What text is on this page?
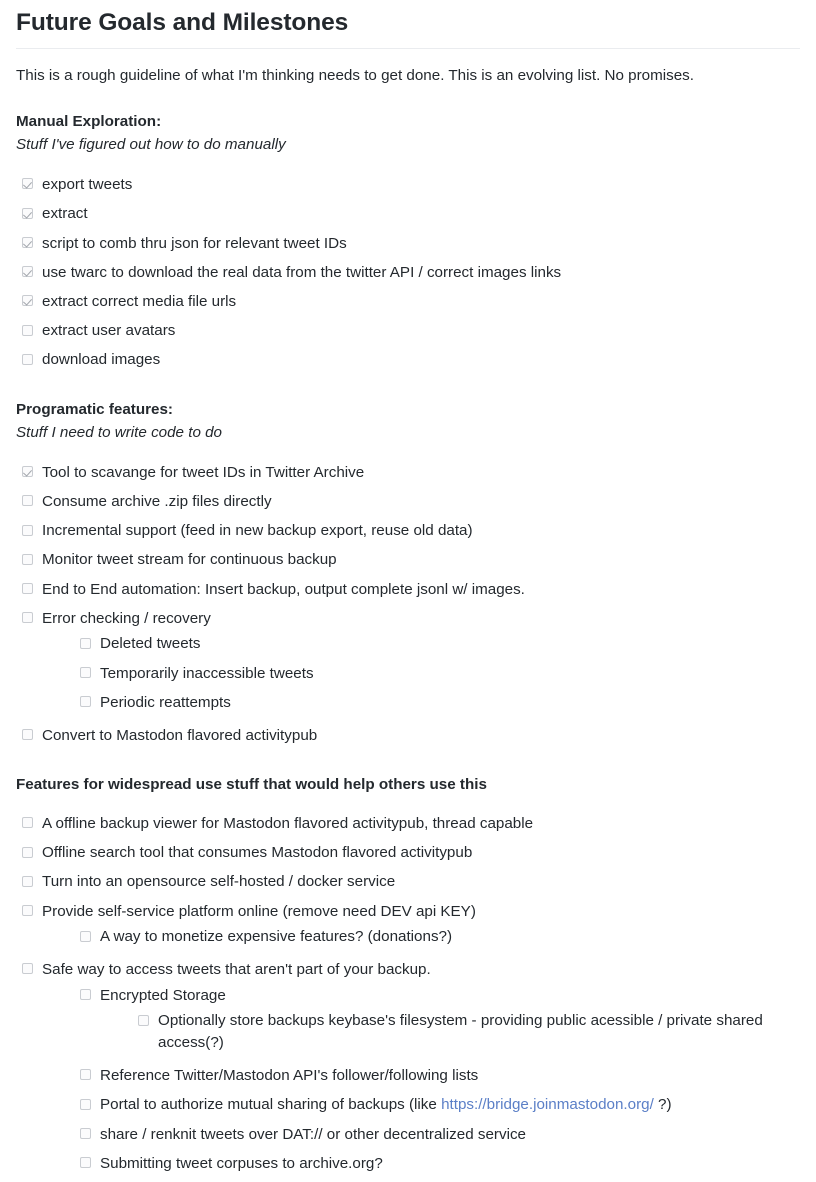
Future Goals and Milestones

This is a rough guideline of what I'm thinking needs to get done. This is an evolving list. No promises.

Manual Exploration:
Stuff I've figured out how to do manually
export tweets
extract
script to comb thru json for relevant tweet IDs
use twarc to download the real data from the twitter API / correct images links
extract correct media file urls
extract user avatars
download images
Programatic features:
Stuff I need to write code to do
Tool to scavange for tweet IDs in Twitter Archive
Consume archive .zip files directly
Incremental support (feed in new backup export, reuse old data)
Monitor tweet stream for continuous backup
End to End automation: Insert backup, output complete jsonl w/ images.
Error checking / recovery
Deleted tweets
Temporarily inaccessible tweets
Periodic reattempts
Convert to Mastodon flavored activitypub
Features for widespread use stuff that would help others use this
A offline backup viewer for Mastodon flavored activitypub, thread capable
Offline search tool that consumes Mastodon flavored activitypub
Turn into an opensource self-hosted / docker service
Provide self-service platform online (remove need DEV api KEY)
A way to monetize expensive features? (donations?)
Safe way to access tweets that aren't part of your backup.
Encrypted Storage
Optionally store backups keybase's filesystem - providing public acessible / private shared access(?)
Reference Twitter/Mastodon API's follower/following lists
Portal to authorize mutual sharing of backups (like https://bridge.joinmastodon.org/ ?)
share / renknit tweets over DAT:// or other decentralized service
Submitting tweet corpuses to archive.org?
